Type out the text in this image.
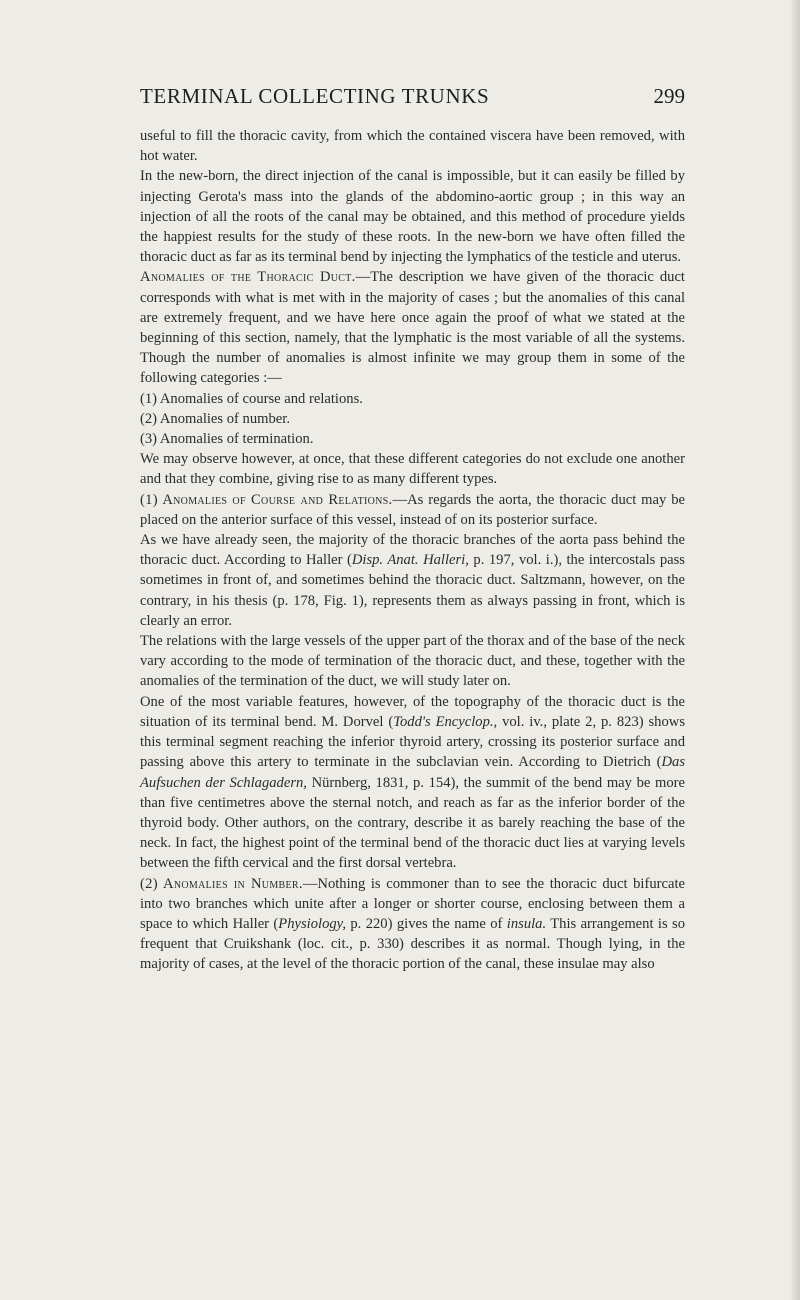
TERMINAL COLLECTING TRUNKS	299

useful to fill the thoracic cavity, from which the contained viscera have been removed, with hot water.

In the new-born, the direct injection of the canal is impossible, but it can easily be filled by injecting Gerota's mass into the glands of the abdomino-aortic group ; in this way an injection of all the roots of the canal may be obtained, and this method of procedure yields the happiest results for the study of these roots. In the new-born we have often filled the thoracic duct as far as its terminal bend by injecting the lymphatics of the testicle and uterus.

Anomalies of the Thoracic Duct.—The description we have given of the thoracic duct corresponds with what is met with in the majority of cases ; but the anomalies of this canal are extremely frequent, and we have here once again the proof of what we stated at the beginning of this section, namely, that the lymphatic is the most variable of all the systems. Though the number of anomalies is almost infinite we may group them in some of the following categories :—

(1) Anomalies of course and relations.

(2) Anomalies of number.

(3) Anomalies of termination.

We may observe however, at once, that these different categories do not exclude one another and that they combine, giving rise to as many different types.

(1) Anomalies of Course and Relations.—As regards the aorta, the thoracic duct may be placed on the anterior surface of this vessel, instead of on its posterior surface.

As we have already seen, the majority of the thoracic branches of the aorta pass behind the thoracic duct. According to Haller (Disp. Anat. Halleri, p. 197, vol. i.), the intercostals pass sometimes in front of, and sometimes behind the thoracic duct. Saltzmann, however, on the contrary, in his thesis (p. 178, Fig. 1), represents them as always passing in front, which is clearly an error.

The relations with the large vessels of the upper part of the thorax and of the base of the neck vary according to the mode of termination of the thoracic duct, and these, together with the anomalies of the termination of the duct, we will study later on.

One of the most variable features, however, of the topography of the thoracic duct is the situation of its terminal bend. M. Dorvel (Todd's Encyclop., vol. iv., plate 2, p. 823) shows this terminal segment reaching the inferior thyroid artery, crossing its posterior surface and passing above this artery to terminate in the subclavian vein. According to Dietrich (Das Aufsuchen der Schlagadern, Nürnberg, 1831, p. 154), the summit of the bend may be more than five centimetres above the sternal notch, and reach as far as the inferior border of the thyroid body. Other authors, on the contrary, describe it as barely reaching the base of the neck. In fact, the highest point of the terminal bend of the thoracic duct lies at varying levels between the fifth cervical and the first dorsal vertebra.

(2) Anomalies in Number.—Nothing is commoner than to see the thoracic duct bifurcate into two branches which unite after a longer or shorter course, enclosing between them a space to which Haller (Physiology, p. 220) gives the name of insula. This arrangement is so frequent that Cruikshank (loc. cit., p. 330) describes it as normal. Though lying, in the majority of cases, at the level of the thoracic portion of the canal, these insulae may also
